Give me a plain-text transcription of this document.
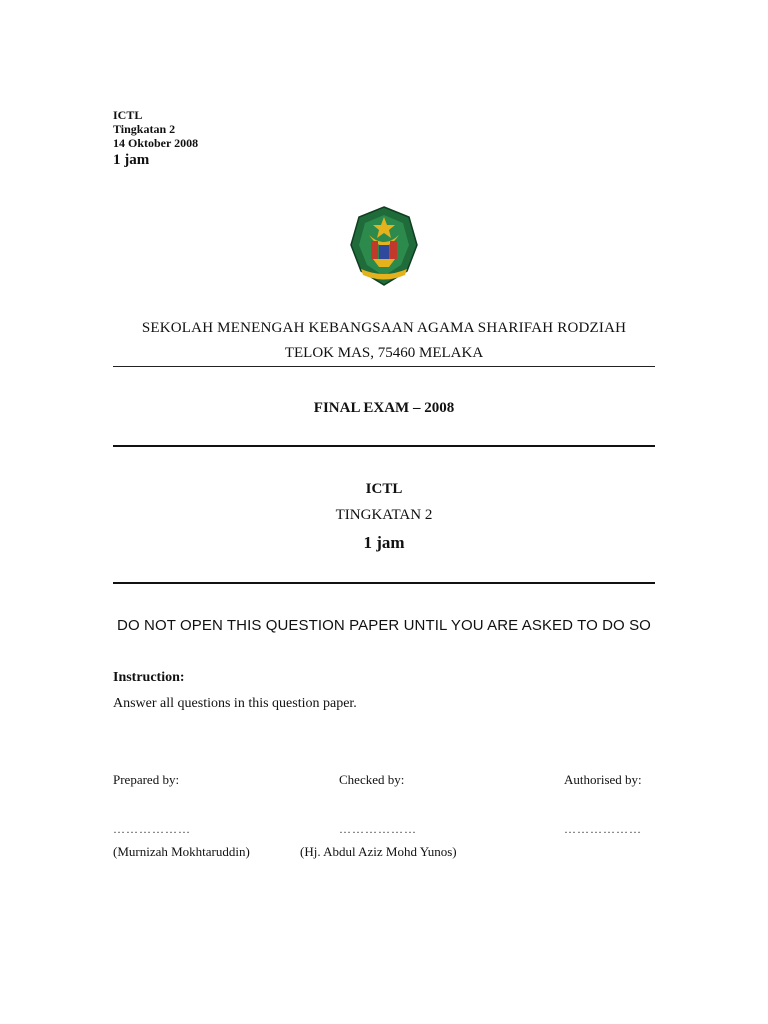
ICTL
Tingkatan 2
14 Oktober 2008
1 jam
SEKOLAH MENENGAH KEBANGSAAN AGAMA SHARIFAH RODZIAH
TELOK MAS, 75460 MELAKA
FINAL EXAM – 2008
ICTL
TINGKATAN 2
1 jam
DO NOT OPEN THIS QUESTION PAPER UNTIL YOU ARE ASKED TO DO SO
Instruction:
Answer all questions in this question paper.
Prepared by:	Checked by:	Authorised by:
………………	………………	………………
(Murnizah Mokhtaruddin)	(Hj. Abdul Aziz Mohd Yunos)
